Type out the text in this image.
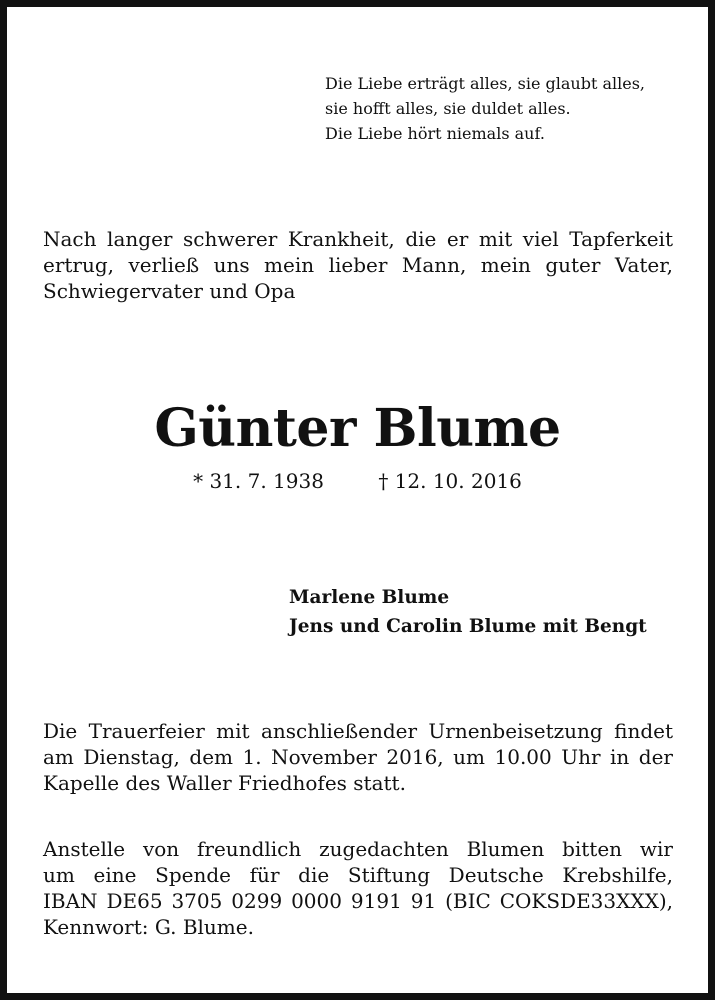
Die Liebe erträgt alles, sie glaubt alles,
sie hofft alles, sie duldet alles.
Die Liebe hört niemals auf.
Nach langer schwerer Krankheit, die er mit viel Tapferkeit
ertrug, verließ uns mein lieber Mann, mein guter Vater,
Schwiegervater und Opa
Günter Blume
* 31. 7. 1938	† 12. 10. 2016
Marlene Blume
Jens und Carolin Blume mit Bengt
Die Trauerfeier mit anschließender Urnenbeisetzung findet
am Dienstag, dem 1. November 2016, um 10.00 Uhr in der
Kapelle des Waller Friedhofes statt.
Anstelle von freundlich zugedachten Blumen bitten wir
um eine Spende für die Stiftung Deutsche Krebshilfe,
IBAN DE65 3705 0299 0000 9191 91 (BIC COKSDE33XXX),
Kennwort: G. Blume.
